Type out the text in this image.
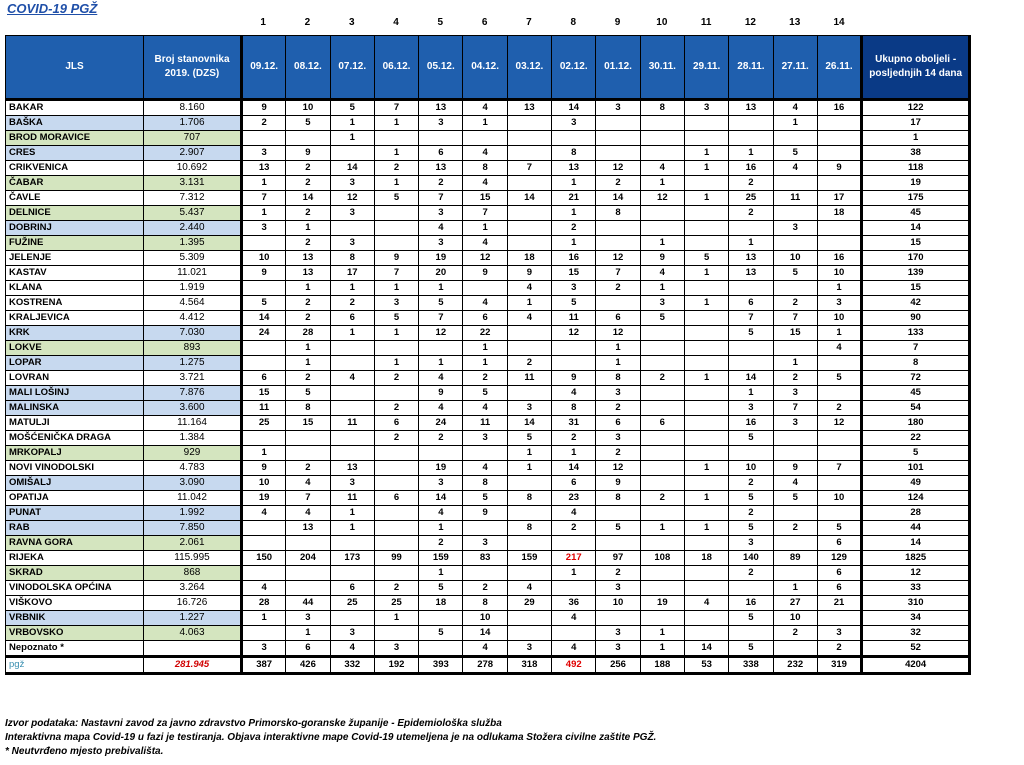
COVID-19 PGŽ
1	2	3	4	5	6	7	8	9	10	11	12	13	14
JLS	Broj stanovnika 2019. (DZS)	09.12.	08.12.	07.12.	06.12.	05.12.	04.12.	03.12.	02.12.	01.12.	30.11.	29.11.	28.11.	27.11.	26.11.	Ukupno oboljeli - posljednjih 14 dana
BAKAR	8.160	9	10	5	7	13	4	13	14	3	8	3	13	4	16	122
BAŠKA	1.706	2	5	1	1	3	1		3					1		17
BROD MORAVICE	707			1												1
CRES	2.907	3	9		1	6	4		8			1	1	5		38
CRIKVENICA	10.692	13	2	14	2	13	8	7	13	12	4	1	16	4	9	118
ČABAR	3.131	1	2	3	1	2	4		1	2	1		2			19
ČAVLE	7.312	7	14	12	5	7	15	14	21	14	12	1	25	11	17	175
DELNICE	5.437	1	2	3		3	7		1	8			2		18	45
DOBRINJ	2.440	3	1			4	1		2					3		14
FUŽINE	1.395		2	3		3	4		1		1		1			15
JELENJE	5.309	10	13	8	9	19	12	18	16	12	9	5	13	10	16	170
KASTAV	11.021	9	13	17	7	20	9	9	15	7	4	1	13	5	10	139
KLANA	1.919		1	1	1	1		4	3	2	1				1	15
KOSTRENA	4.564	5	2	2	3	5	4	1	5		3	1	6	2	3	42
KRALJEVICA	4.412	14	2	6	5	7	6	4	11	6	5		7	7	10	90
KRK	7.030	24	28	1	1	12	22		12	12			5	15	1	133
LOKVE	893		1				1			1					4	7
LOPAR	1.275		1		1	1	1	2		1				1		8
LOVRAN	3.721	6	2	4	2	4	2	11	9	8	2	1	14	2	5	72
MALI LOŠINJ	7.876	15	5			9	5		4	3			1	3		45
MALINSKA	3.600	11	8		2	4	4	3	8	2			3	7	2	54
MATULJI	11.164	25	15	11	6	24	11	14	31	6	6		16	3	12	180
MOŠĆENIČKA DRAGA	1.384				2	2	3	5	2	3			5			22
MRKOPALJ	929	1						1	1	2						5
NOVI VINODOLSKI	4.783	9	2	13		19	4	1	14	12		1	10	9	7	101
OMIŠALJ	3.090	10	4	3		3	8		6	9			2	4		49
OPATIJA	11.042	19	7	11	6	14	5	8	23	8	2	1	5	5	10	124
PUNAT	1.992	4	4	1		4	9		4				2			28
RAB	7.850		13	1		1		8	2	5	1	1	5	2	5	44
RAVNA GORA	2.061					2	3						3		6	14
RIJEKA	115.995	150	204	173	99	159	83	159	217	97	108	18	140	89	129	1825
SKRAD	868					1			1	2			2		6	12
VINODOLSKA OPĆINA	3.264	4		6	2	5	2	4		3				1	6	33
VIŠKOVO	16.726	28	44	25	25	18	8	29	36	10	19	4	16	27	21	310
VRBNIK	1.227	1	3		1		10		4				5	10		34
VRBOVSKO	4.063		1	3		5	14			3	1			2	3	32
Nepoznato *		3	6	4	3		4	3	4	3	1	14	5		2	52
pgž	281.945	387	426	332	192	393	278	318	492	256	188	53	338	232	319	4204
Izvor podataka: Nastavni zavod za javno zdravstvo Primorsko-goranske županije - Epidemiološka služba
Interaktivna mapa Covid-19 u fazi je testiranja. Objava interaktivne mape Covid-19 utemeljena je na odlukama Stožera civilne zaštite PGŽ.
* Neutvrđeno mjesto prebivališta.
